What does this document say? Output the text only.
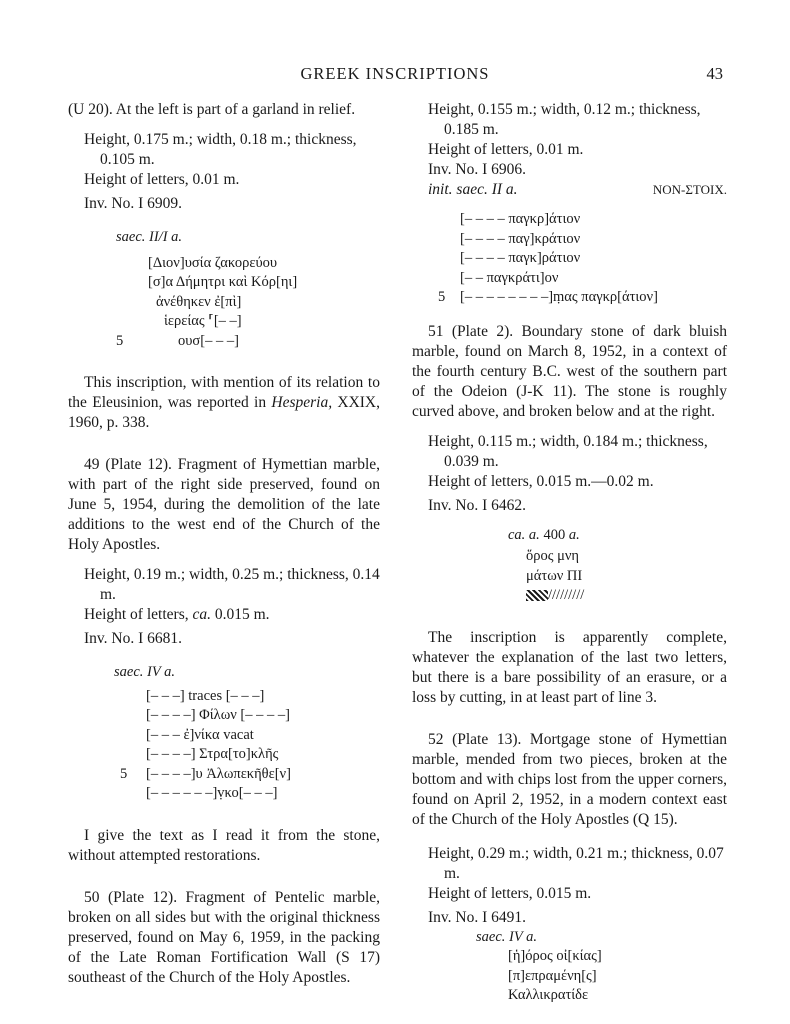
GREEK INSCRIPTIONS	43

(U 20). At the left is part of a garland in relief.

Height, 0.175 m.; width, 0.18 m.; thickness, 0.105 m.

Height of letters, 0.01 m.

Inv. No. I 6909.

saec. II/I a.

[Διον]υσία ζακορεύου

[σ]α Δήμητρι καὶ Κόρ[ηι]

ἀνέθηκεν ἐ[πὶ]

ἱερείας ⸢[– –]

5	ουσ[– – –]

This inscription, with mention of its relation to the Eleusinion, was reported in Hesperia, XXIX, 1960, p. 338.

49 (Plate 12). Fragment of Hymettian marble, with part of the right side preserved, found on June 5, 1954, during the demolition of the late additions to the west end of the Church of the Holy Apostles.

Height, 0.19 m.; width, 0.25 m.; thickness, 0.14 m.

Height of letters, ca. 0.015 m.

Inv. No. I 6681.

saec. IV a.

[– – –] traces [– – –]

[– – – –] Φίλων [– – – –]

[– – – ἐ]νίκα vacat

[– – – –] Στρα[το]κλῆς

5 [– – – –]υ Ἀλωπεκῆθε[ν]

[– – – – – –]ṿκο[– – –]

I give the text as I read it from the stone, without attempted restorations.

50 (Plate 12). Fragment of Pentelic marble, broken on all sides but with the original thickness preserved, found on May 6, 1959, in the packing of the Late Roman Fortification Wall (S 17) southeast of the Church of the Holy Apostles.

Height, 0.155 m.; width, 0.12 m.; thickness, 0.185 m.

Height of letters, 0.01 m.

Inv. No. I 6906.

init. saec. II a.	NON-ΣTOIX.

[– – – – παγκρ]άτιον

[– – – – παγ]κράτιον

[– – – – παγκ]ράτιον

[– – παγκράτι]ον

5 [– – – – – – – –]ṃας παγκρ[άτιον]

51 (Plate 2). Boundary stone of dark bluish marble, found on March 8, 1952, in a context of the fourth century B.C. west of the southern part of the Odeion (J-K 11). The stone is roughly curved above, and broken below and at the right.

Height, 0.115 m.; width, 0.184 m.; thickness, 0.039 m.

Height of letters, 0.015 m.—0.02 m.

Inv. No. I 6462.

ca. a. 400 a.

ὅρος μνη

μάτων ΠΙ

/////////

The inscription is apparently complete, whatever the explanation of the last two letters, but there is a bare possibility of an erasure, or a loss by cutting, in at least part of line 3.

52 (Plate 13). Mortgage stone of Hymettian marble, mended from two pieces, broken at the bottom and with chips lost from the upper corners, found on April 2, 1952, in a modern context east of the Church of the Holy Apostles (Q 15).

Height, 0.29 m.; width, 0.21 m.; thickness, 0.07 m.

Height of letters, 0.015 m.

Inv. No. I 6491.

saec. IV a.

[ἡ]όρος οἰ[κίας]

[π]επραμένη[ς]

Καλλικρατίδε
